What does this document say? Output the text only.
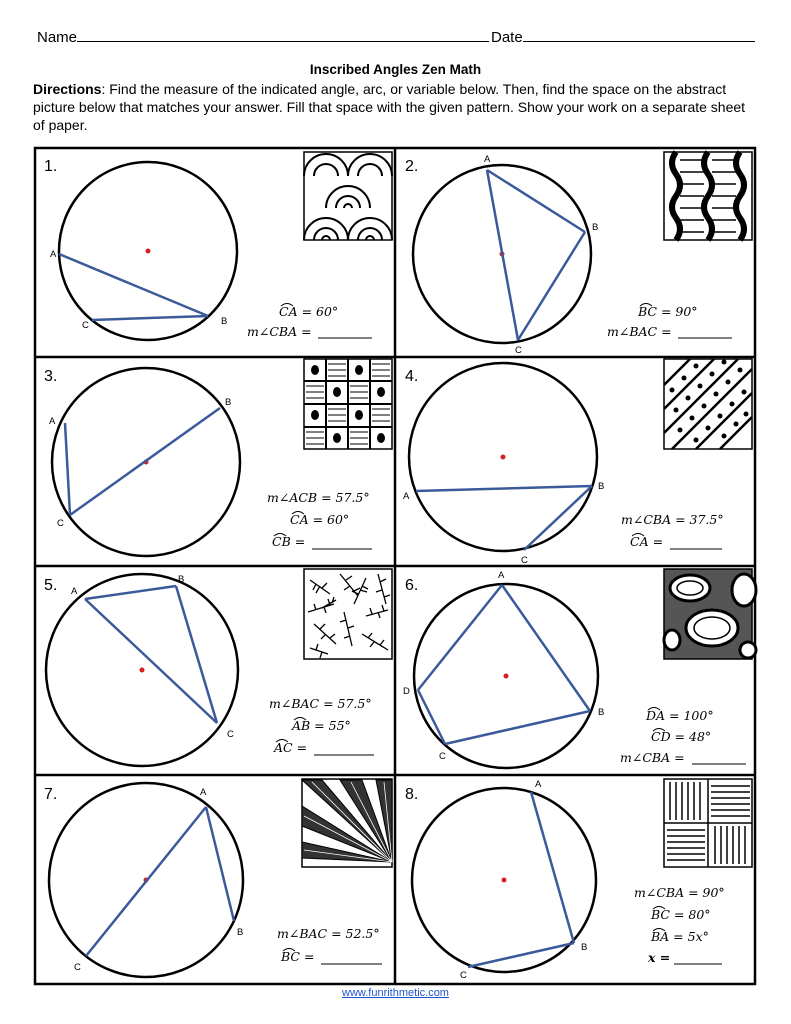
Name	Date
Inscribed Angles Zen Math
Directions: Find the measure of the indicated angle, arc, or variable below. Then, find the space on the abstract picture below that matches your answer. Fill that space with the given pattern. Show your work on a separate sheet of paper.
1.
A
B
C
CA = 60°
m∠CBA =
2.	A
B
C
BC = 90°
m∠BAC =
3.
A
B
C
m∠ACB = 57.5°
CA = 60°
CB =
4.
A
B
C
m∠CBA = 37.5°
CA =
5. A
B
C
m∠BAC = 57.5°
AB = 55°
AC =
6.
A
B
C
D
DA = 100°
CD = 48°
m∠CBA =
7.	A
B
C
m∠BAC = 52.5°
BC =
8.
A
B
C
m∠CBA = 90°
BC = 80°
BA = 5x°
x =
www.funrithmetic.com
